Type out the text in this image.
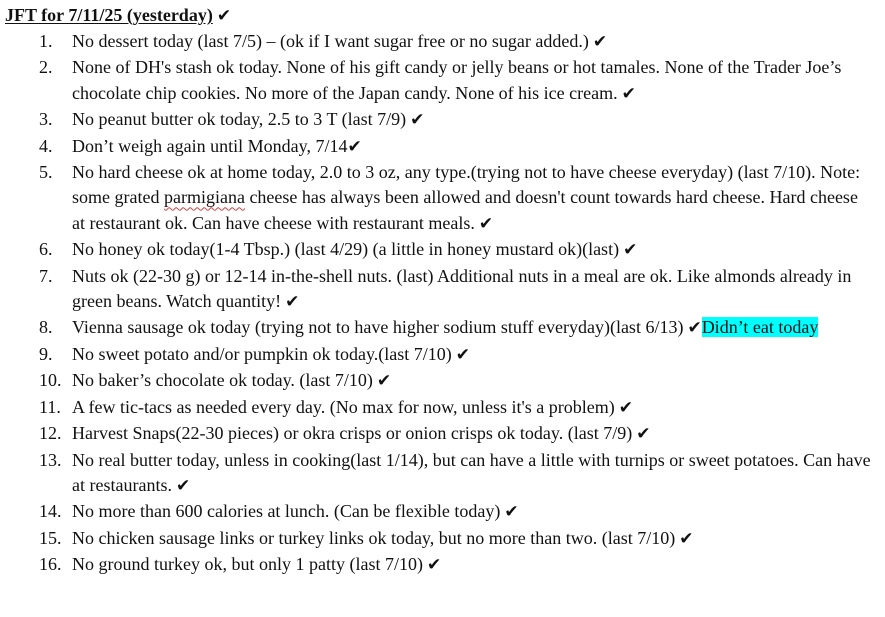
JFT for 7/11/25 (yesterday) ✔
1. No dessert today (last 7/5) – (ok if I want sugar free or no sugar added.) ✔
2. None of DH's stash ok today. None of his gift candy or jelly beans or hot tamales. None of the Trader Joe’s chocolate chip cookies. No more of the Japan candy. None of his ice cream. ✔
3. No peanut butter ok today, 2.5 to 3 T (last 7/9) ✔
4. Don’t weigh again until Monday, 7/14✔
5. No hard cheese ok at home today, 2.0 to 3 oz, any type.(trying not to have cheese everyday) (last 7/10). Note: some grated parmigiana cheese has always been allowed and doesn't count towards hard cheese. Hard cheese at restaurant ok. Can have cheese with restaurant meals. ✔
6. No honey ok today(1-4 Tbsp.) (last 4/29) (a little in honey mustard ok)(last) ✔
7. Nuts ok (22-30 g) or 12-14 in-the-shell nuts. (last) Additional nuts in a meal are ok. Like almonds already in green beans. Watch quantity! ✔
8. Vienna sausage ok today (trying not to have higher sodium stuff everyday)(last 6/13) ✔Didn’t eat today
9. No sweet potato and/or pumpkin ok today.(last 7/10) ✔
10. No baker’s chocolate ok today. (last 7/10) ✔
11. A few tic-tacs as needed every day. (No max for now, unless it's a problem) ✔
12. Harvest Snaps(22-30 pieces) or okra crisps or onion crisps ok today. (last 7/9) ✔
13. No real butter today, unless in cooking(last 1/14), but can have a little with turnips or sweet potatoes. Can have at restaurants. ✔
14. No more than 600 calories at lunch. (Can be flexible today) ✔
15. No chicken sausage links or turkey links ok today, but no more than two. (last 7/10) ✔
16. No ground turkey ok, but only 1 patty (last 7/10) ✔
